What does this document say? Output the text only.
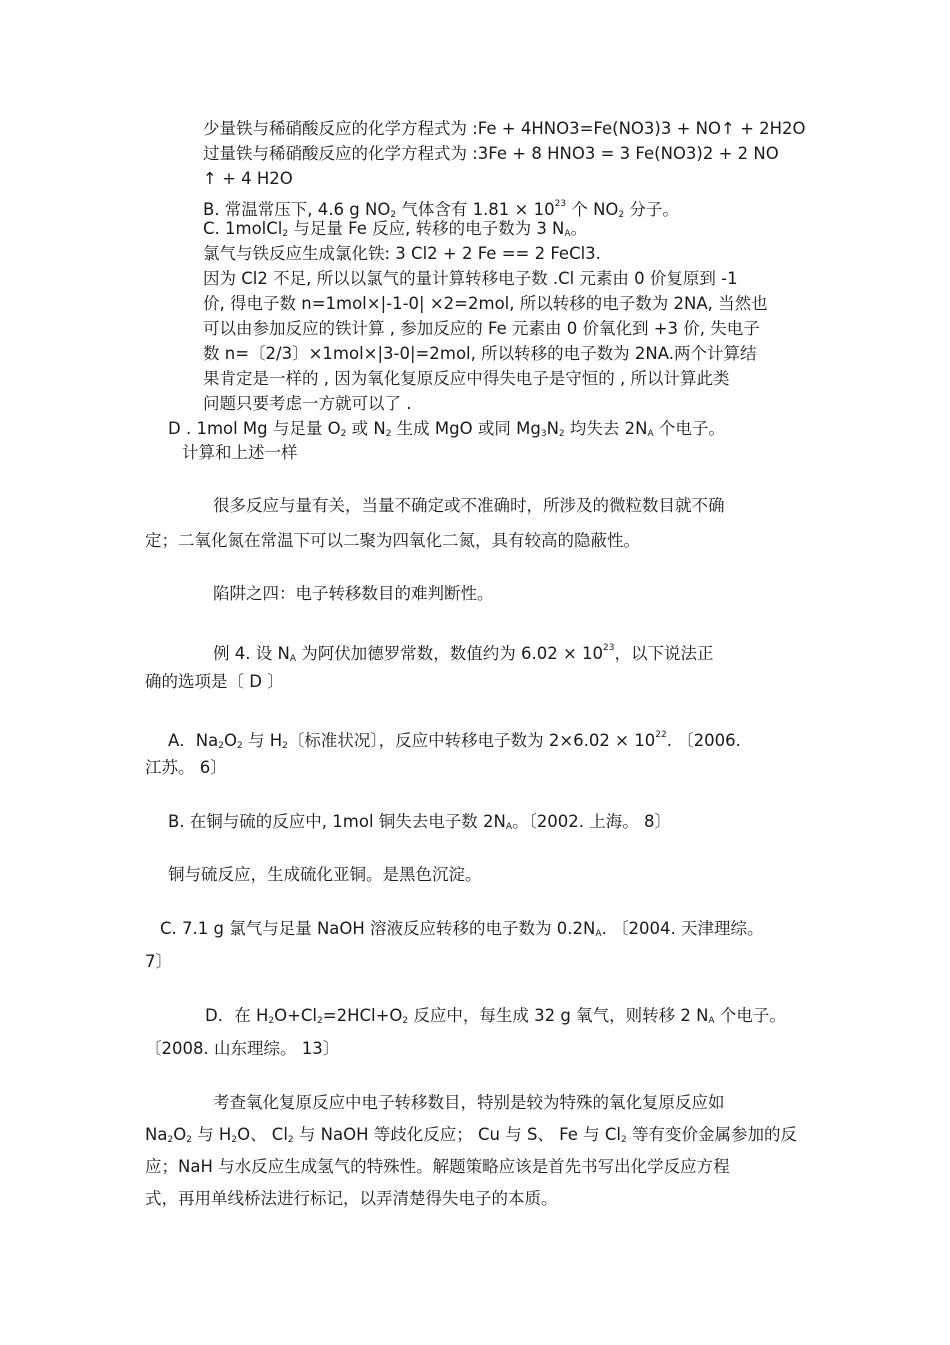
少量铁与稀硝酸反应的化学方程式为 :Fe + 4HNO3=Fe(NO3)3 + NO↑ + 2H2O
过量铁与稀硝酸反应的化学方程式为 :3Fe + 8 HNO3 = 3 Fe(NO3)2 + 2 NO
↑ + 4 H2O
B. 常温常压下, 4.6 g $NO_2$ 气体含有 $1.81 \times 10^{23}$ 个 $NO_2$ 分子。
C. 1molCl$_2$ 与足量 Fe 反应, 转移的电子数为 3 $N_A$。
氯气与铁反应生成氯化铁: 3 Cl2 + 2 Fe == 2 FeCl3.
因为 Cl2 不足, 所以以氯气的量计算转移电子数 .Cl 元素由 0 价复原到 -1
价, 得电子数 n=1mol×|-1-0| ×2=2mol, 所以转移的电子数为 2NA, 当然也
可以由参加反应的铁计算 , 参加反应的 Fe 元素由 0 价氧化到 +3 价, 失电子
数 n=〔2/3〕×1mol×|3-0|=2mol, 所以转移的电子数为 2NA.两个计算结
果肯定是一样的 , 因为氧化复原反应中得失电子是守恒的 , 所以计算此类
问题只要考虑一方就可以了 .
D . 1mol Mg 与足量 $O_2$ 或 $N_2$ 生成 MgO 或同 $Mg_3N_2$ 均失去 $2N_A$ 个电子。
计算和上述一样
很多反应与量有关，当量不确定或不准确时，所涉及的微粒数目就不确
定；二氧化氮在常温下可以二聚为四氧化二氮，具有较高的隐蔽性。
陷阱之四：电子转移数目的难判断性。
例 4. 设 $N_A$ 为阿伏加德罗常数，数值约为 $6.02 \times 10^{23}$，以下说法正
确的选项是〔 D 〕
A．$Na_2O_2$ 与 $H_2$〔标准状况〕，反应中转移电子数为 $2\times 6.02 \times 10^{22}$. 〔2006.
江苏。 6〕
B. 在铜与硫的反应中, 1mol 铜失去电子数 $2N_A$。〔2002. 上海。 8〕
铜与硫反应，生成硫化亚铜。是黑色沉淀。
C. 7.1 g 氯气与足量 NaOH 溶液反应转移的电子数为 $0.2N_A$. 〔2004. 天津理综。
7〕
D．在 $H_2O+Cl_2=2HCl+O_2$ 反应中，每生成 32 g 氧气，则转移 2 $N_A$ 个电子。
〔2008. 山东理综。 13〕
考查氧化复原反应中电子转移数目，特别是较为特殊的氧化复原反应如
$Na_2O_2$ 与 $H_2O$、 $Cl_2$ 与 NaOH 等歧化反应； Cu 与 S、 Fe 与 $Cl_2$ 等有变价金属参加的反
应；NaH 与水反应生成氢气的特殊性。解题策略应该是首先书写出化学反应方程
式，再用单线桥法进行标记，以弄清楚得失电子的本质。
